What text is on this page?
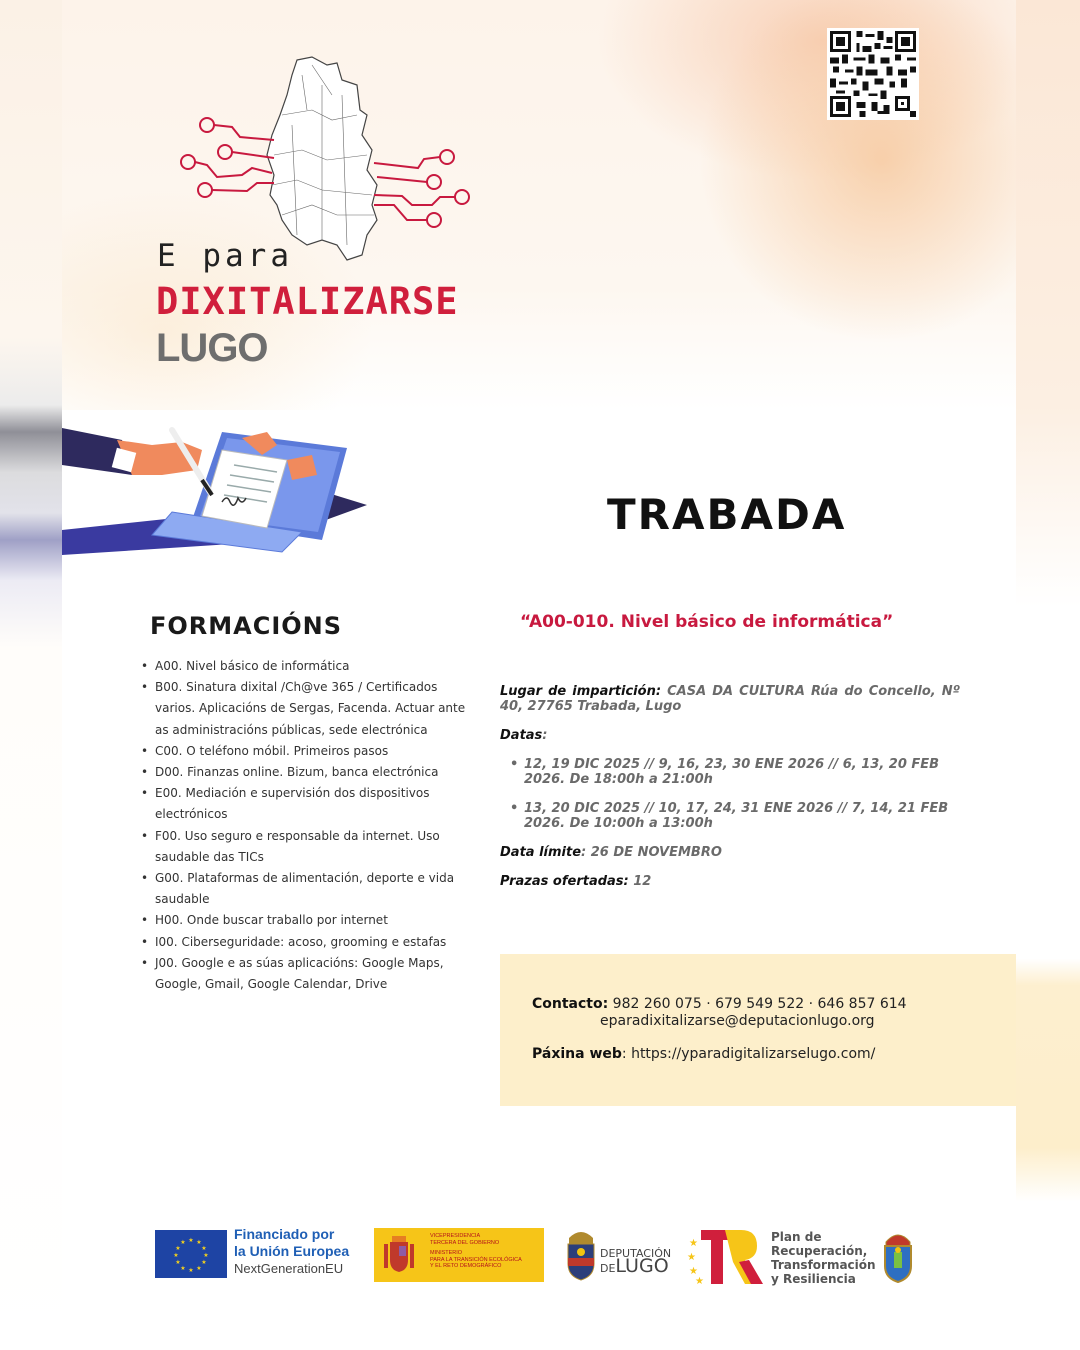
E para
DIXITALIZARSE
LUGO
TRABADA
FORMACIÓNS
• A00. Nivel básico de informática
• B00. Sinatura dixital /Ch@ve 365 / Certificados varios. Aplicacións de Sergas, Facenda. Actuar ante as administracións públicas, sede electrónica
• C00. O teléfono móbil. Primeiros pasos
• D00. Finanzas online. Bizum, banca electrónica
• E00. Mediación e supervisión dos dispositivos electrónicos
• F00. Uso seguro e responsable da internet. Uso saudable das TICs
• G00. Plataformas de alimentación, deporte e vida saudable
• H00. Onde buscar traballo por internet
• I00. Ciberseguridade: acoso, grooming e estafas
• J00. Google e as súas aplicacións: Google Maps, Google, Gmail, Google Calendar, Drive
“A00-010. Nivel básico de informática”

Lugar de impartición: CASA DA CULTURA Rúa do Concello, Nº 40, 27765 Trabada, Lugo

Datas:

• 12, 19 DIC 2025 // 9, 16, 23, 30 ENE 2026 // 6, 13, 20 FEB 2026. De 18:00h a 21:00h
• 13, 20 DIC 2025 // 10, 17, 24, 31 ENE 2026 // 7, 14, 21 FEB 2026. De 10:00h a 13:00h

Data límite: 26 DE NOVEMBRO

Prazas ofertadas: 12

Contacto: 982 260 075 · 679 549 522 · 646 857 614
eparadixitalizarse@deputacionlugo.org
Páxina web: https://yparadigitalizarselugo.com/
★ ★
★
★
★
★
★
★
★
★
★
★
Financiado por
la Unión Europea
NextGenerationEU
VICEPRESIDENCIA
TERCERA DEL GOBIERNO
MINISTERIO
PARA LA TRANSICIÓN ECOLÓGICA
Y EL RETO DEMOGRÁFICO
DEPUTACIÓN
DELUGO
★
★
★
★
Plan de
Recuperación,
Transformación
y Resiliencia
